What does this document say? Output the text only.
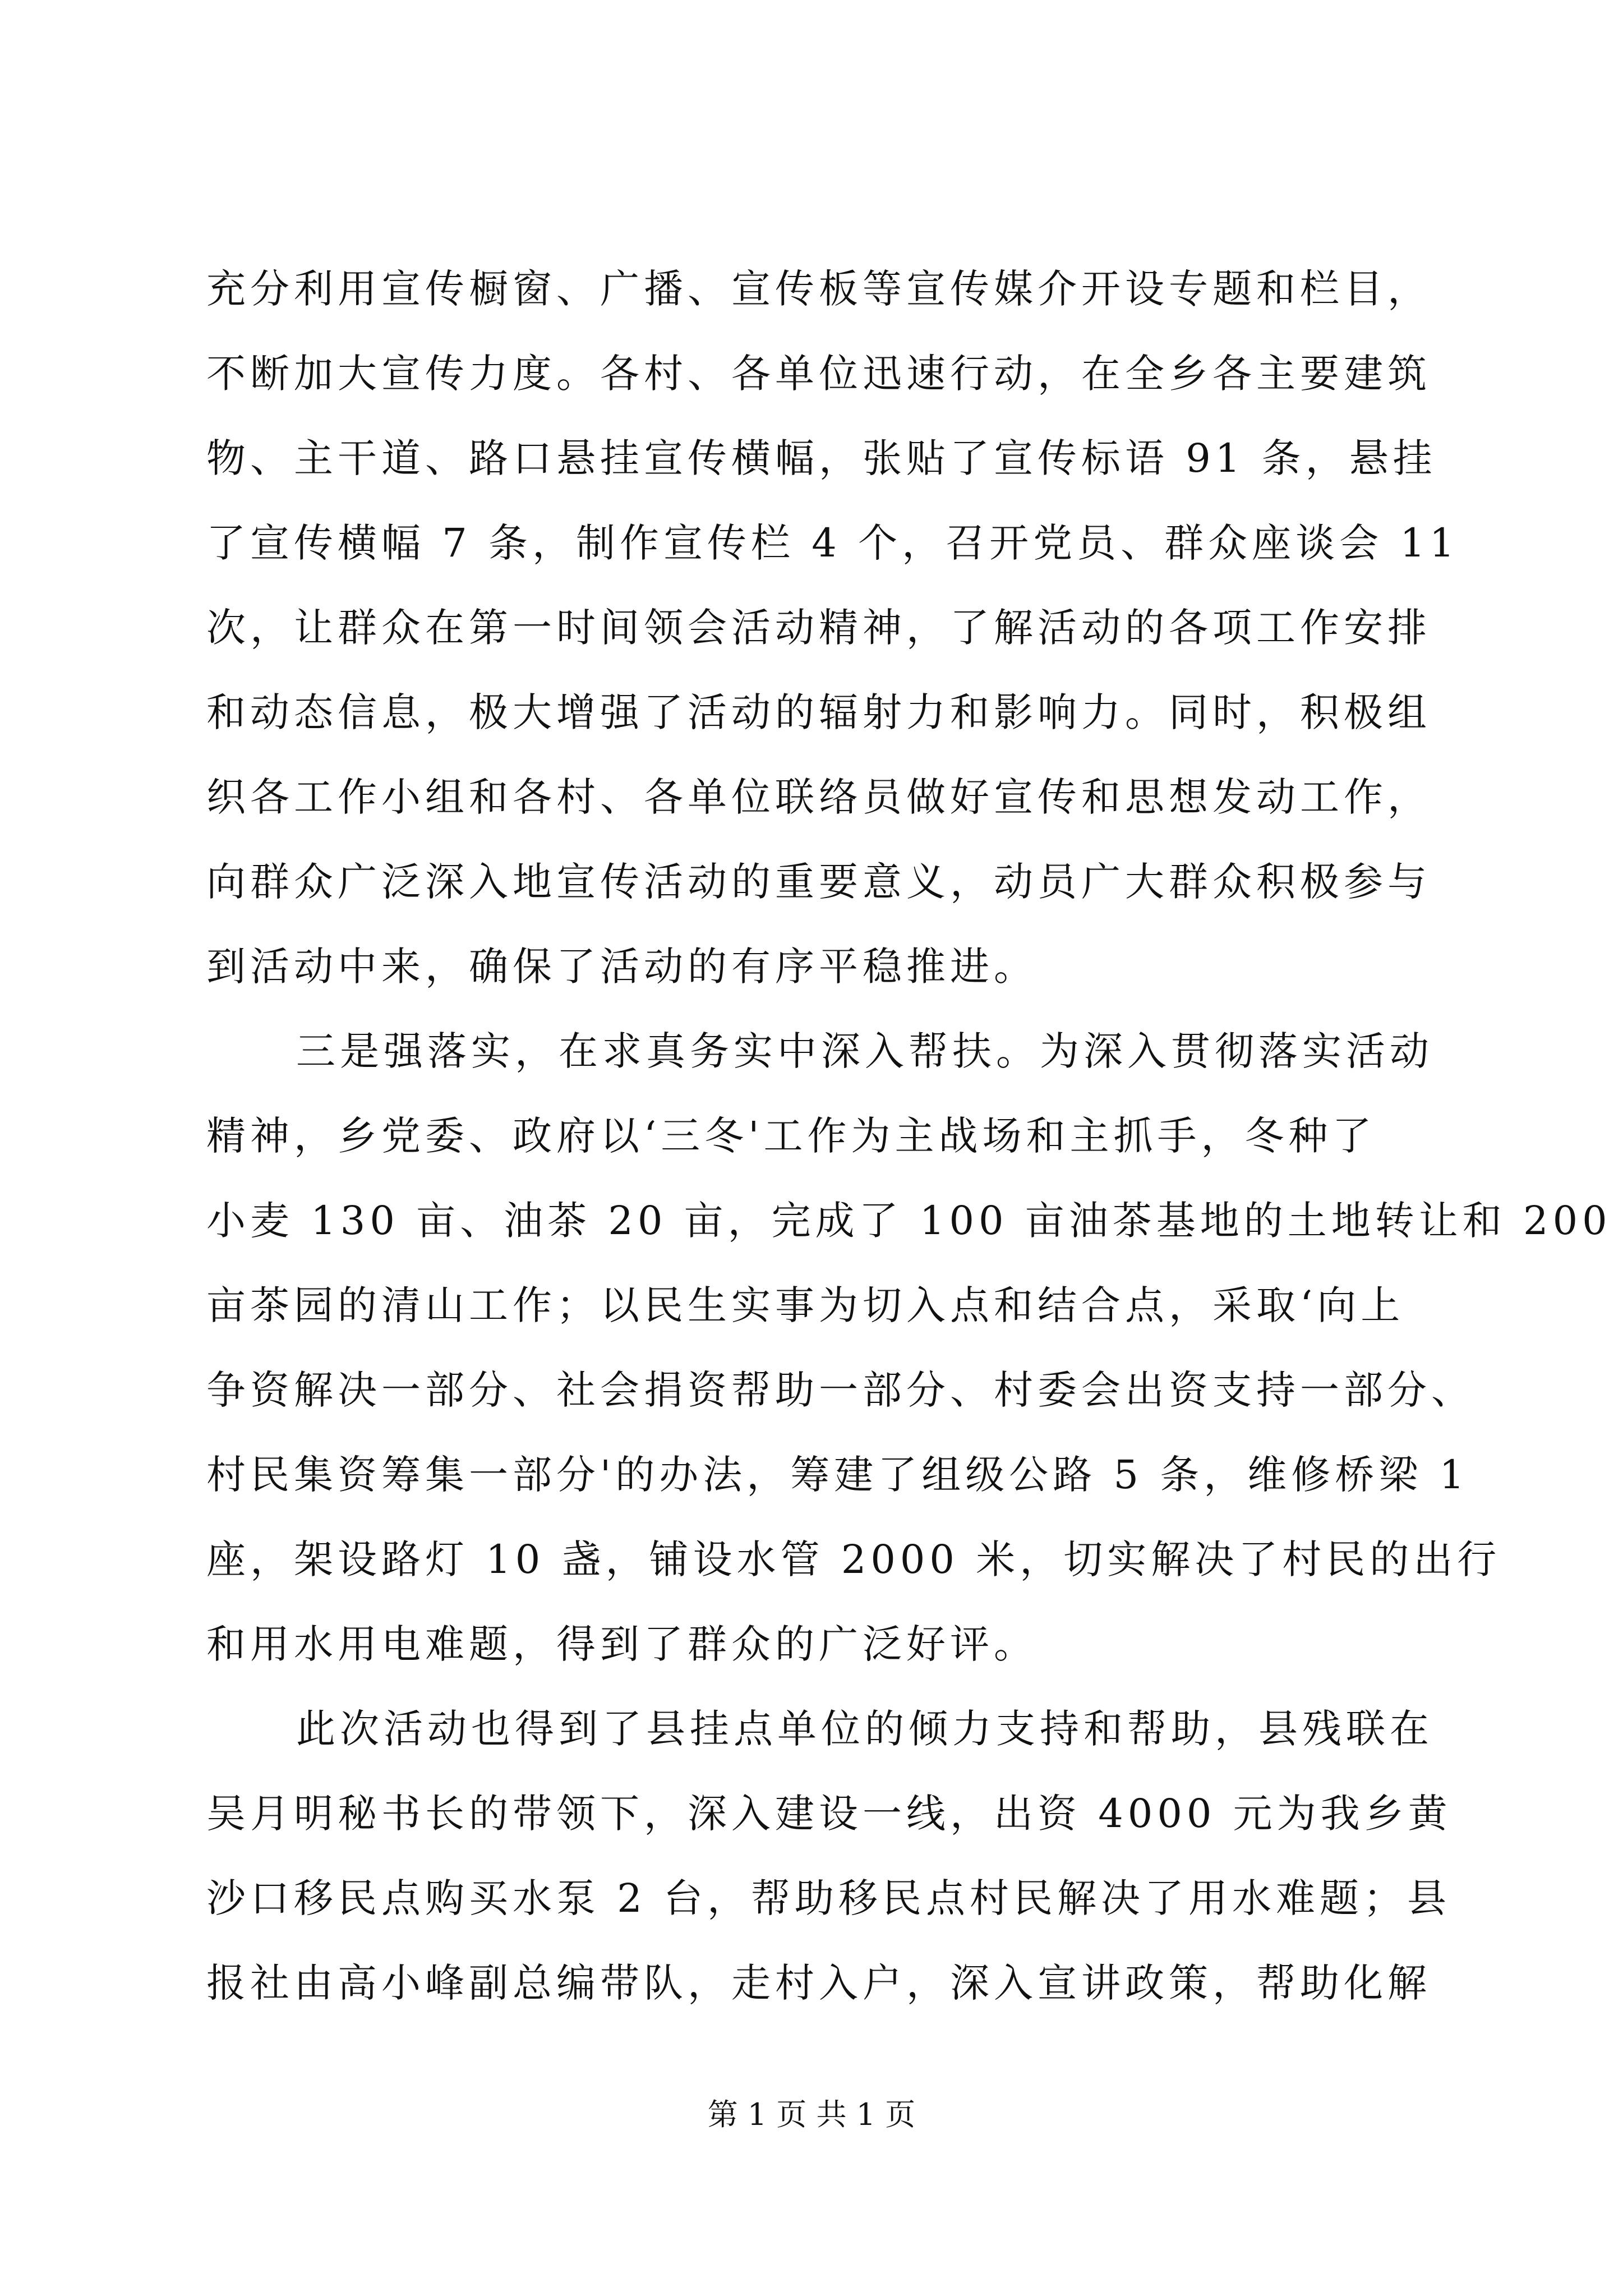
充分利用宣传橱窗、广播、宣传板等宣传媒介开设专题和栏目，
不断加大宣传力度。各村、各单位迅速行动，在全乡各主要建筑
物、主干道、路口悬挂宣传横幅，张贴了宣传标语 91 条，悬挂
了宣传横幅 7 条，制作宣传栏 4 个，召开党员、群众座谈会 11
次，让群众在第一时间领会活动精神，了解活动的各项工作安排
和动态信息，极大增强了活动的辐射力和影响力。同时，积极组
织各工作小组和各村、各单位联络员做好宣传和思想发动工作，
向群众广泛深入地宣传活动的重要意义，动员广大群众积极参与
到活动中来，确保了活动的有序平稳推进。
三是强落实，在求真务实中深入帮扶。为深入贯彻落实活动
精神，乡党委、政府以‘三冬'工作为主战场和主抓手，冬种了
小麦 130 亩、油茶 20 亩，完成了 100 亩油茶基地的土地转让和 200
亩茶园的清山工作；以民生实事为切入点和结合点，采取‘向上
争资解决一部分、社会捐资帮助一部分、村委会出资支持一部分、
村民集资筹集一部分'的办法，筹建了组级公路 5 条，维修桥梁 1
座，架设路灯 10 盏，铺设水管 2000 米，切实解决了村民的出行
和用水用电难题，得到了群众的广泛好评。
此次活动也得到了县挂点单位的倾力支持和帮助，县残联在
吴月明秘书长的带领下，深入建设一线，出资 4000 元为我乡黄
沙口移民点购买水泵 2 台，帮助移民点村民解决了用水难题；县
报社由高小峰副总编带队，走村入户，深入宣讲政策，帮助化解
第 1 页 共 1 页
